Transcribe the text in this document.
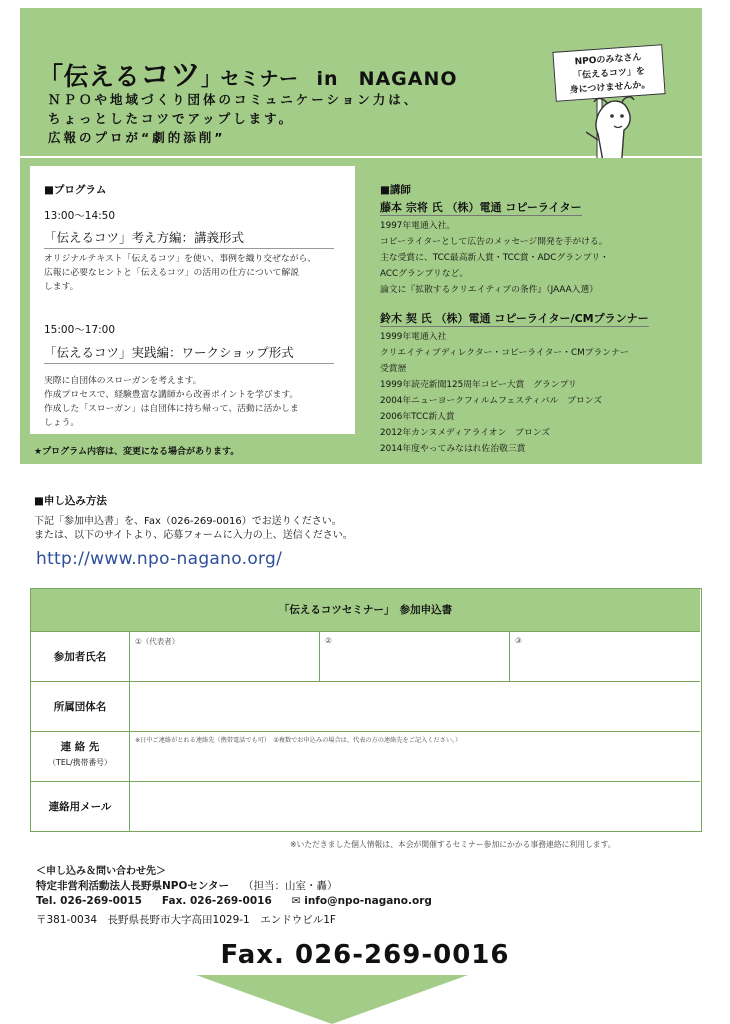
「伝えるコツ」セミナー in　NAGANO
ＮＰＯや地域づくり団体のコミュニケーション力は、
ちょっとしたコツでアップします。
広報のプロが“劇的添削”
NPOのみなさん
「伝えるコツ」を
身につけませんか。
■プログラム
13:00～14:50
「伝えるコツ」考え方編：講義形式
オリジナルテキスト「伝えるコツ」を使い、事例を織り交ぜながら、
広報に必要なヒントと「伝えるコツ」の活用の仕方について解説
します。
15:00～17:00
「伝えるコツ」実践編：ワークショップ形式
実際に自団体のスローガンを考えます。
作成プロセスで、経験豊富な講師から改善ポイントを学びます。
作成した「スローガン」は自団体に持ち帰って、活動に活かしま
しょう。
★プログラム内容は、変更になる場合があります。
■講師
藤本 宗将 氏 （株）電通 コピーライター
1997年電通入社。
コピーライターとして広告のメッセージ開発を手がける。
主な受賞に、TCC最高新人賞・TCC賞・ADCグランプリ・
ACCグランプリなど。
論文に『拡散するクリエイティブの条件』（JAAA入選）
鈴木 契 氏 （株）電通 コピーライター/CMプランナー
1999年電通入社
クリエイティブディレクター・コピーライター・CMプランナー
受賞歴
1999年読売新聞125周年コピー大賞　グランプリ
2004年ニューヨークフィルムフェスティバル　ブロンズ
2006年TCC新人賞
2012年カンヌメディアライオン　ブロンズ
2014年度やってみなはれ佐治敬三賞
■申し込み方法
下記「参加申込書」を、Fax（026-269-0016）でお送りください。
または、以下のサイトより、応募フォームに入力の上、送信ください。
http://www.npo-nagano.org/
「伝えるコツセミナー」　参加申込書
参加者氏名
①（代表者）	②	③
所属団体名
連 絡 先
（TEL/携帯番号）
※日中ご連絡がとれる連絡先（携帯電話でも可）　②複数でお申込みの場合は、代表の方の連絡先をご記入ください。）
連絡用メール
※いただきました個人情報は、本会が開催するセミナー参加にかかる事務連絡に利用します。
＜申し込み＆問い合わせ先＞
特定非営利活動法人長野県NPOセンター （担当：山室・轟）
Tel. 026-269-0015 Fax. 026-269-0016 ✉ info@npo-nagano.org
〒381-0034　長野県長野市大字高田1029-1　エンドウビル1F
Fax. 026-269-0016
